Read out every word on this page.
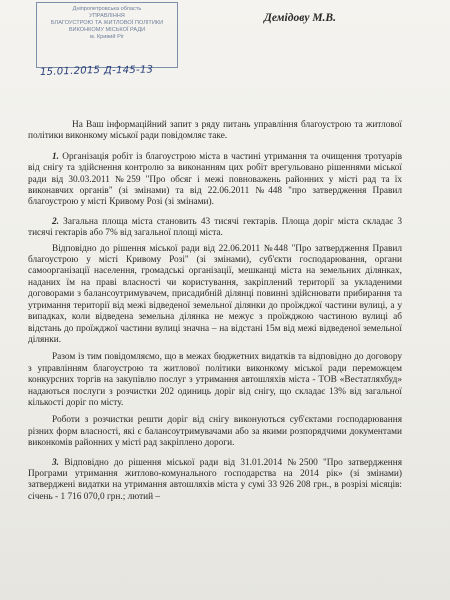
Дніпропетровська область
УПРАВЛІННЯ
БЛАГОУСТРОЮ ТА ЖИТЛОВОЇ ПОЛІТИКИ
ВИКОНКОМУ МІСЬКОЇ РАДИ
м. Кривий Ріг
15.01.2015 Д-145-13
Демідову М.В.

На Ваш інформаційний запит з ряду питань управління благоустрою та житлової політики виконкому міської ради повідомляє таке.

1. Організація робіт із благоустрою міста в частині утримання та очищення тротуарів від снігу та здійснення контролю за виконанням цих робіт врегульовано рішеннями міської ради від 30.03.2011 №259 "Про обсяг і межі повноважень районних у місті рад та їх виконавчих органів" (зі змінами) та від 22.06.2011 №448 "про затвердження Правил благоустрою у місті Кривому Розі (зі змінами).

2. Загальна площа міста становить 43 тисячі гектарів. Площа доріг міста складає 3 тисячі гектарів або 7% від загальної площі міста.

Відповідно до рішення міської ради від 22.06.2011 №448 "Про затвердження Правил благоустрою у місті Кривому Розі" (зі змінами), суб'єкти господарювання, органи самоорганізації населення, громадські організації, мешканці міста на земельних ділянках, наданих їм на праві власності чи користування, закріплений території за укладеними договорами з балансоутримувачем, присадибній ділянці повинні здійснювати прибирання та утримання території від межі відведеної земельної ділянки до проїжджої частини вулиці, а у випадках, коли відведена земельна ділянка не межує з проїжджою частиною вулиці аб відстань до проїжджої частини вулиці значна – на відстані 15м від межі відведеної земельної ділянки.

Разом із тим повідомляємо, що в межах бюджетних видатків та відповідно до договору з управлінням благоустрою та житлової політики виконкому міської ради переможцем конкурсних торгів на закупівлю послуг з утримання автошляхів міста - ТОВ «Вестатляхбуд» надаються послуги з розчистки 202 одиниць доріг від снігу, що складає 13% від загальної кількості доріг по місту.

Роботи з розчистки решти доріг від снігу виконуються суб'єктами господарювання різних форм власності, які є балансоутримувачами або за якими розпорядчими документами виконкомів районних у місті рад закріплено дороги.

3. Відповідно до рішення міської ради від 31.01.2014 №2500 "Про затвердження Програми утримання житлово-комунального господарства на 2014 рік» (зі змінами) затверджені видатки на утримання автошляхів міста у сумі 33 926 208 грн., в розрізі місяців: січень - 1 716 070,0 грн.; лютий –
